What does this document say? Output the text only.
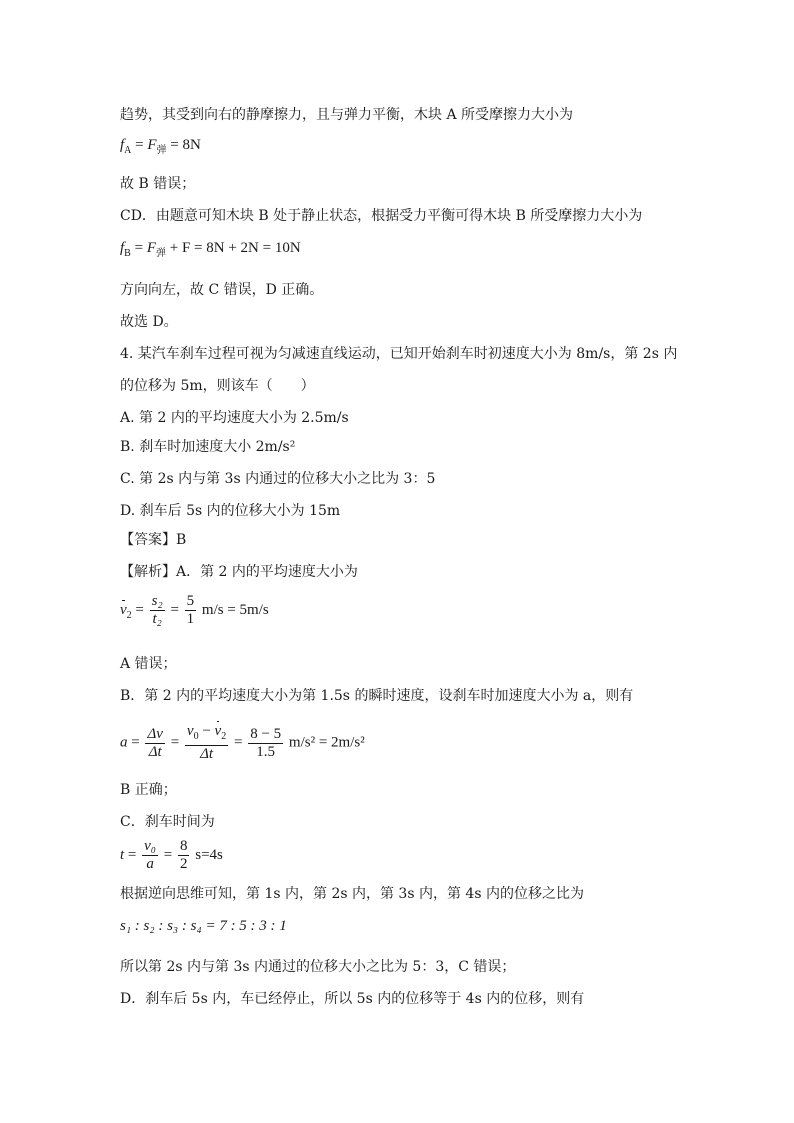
趋势，其受到向右的静摩擦力，且与弹力平衡，木块 A 所受摩擦力大小为
$f_A = F_弹 = 8N$
故 B 错误；
CD．由题意可知木块 B 处于静止状态，根据受力平衡可得木块 B 所受摩擦力大小为
$f_B = F_弹 + F = 8N + 2N = 10N$
方向向左，故 C 错误，D 正确。
故选 D。
4. 某汽车刹车过程可视为匀减速直线运动，已知开始刹车时初速度大小为 8m/s，第 2s 内
的位移为 5m，则该车（　　）
A. 第 2 内的平均速度大小为 2.5m/s
B. 刹车时加速度大小 2m/s²
C. 第 2s 内与第 3s 内通过的位移大小之比为 3：5
D. 刹车后 5s 内的位移大小为 15m
【答案】B
【解析】A．第 2 内的平均速度大小为
$v_2 = \frac{\text{s₂}}{\text{t₂}} = \frac{5}{1} m/s = 5m/s$
A 错误；
B．第 2 内的平均速度大小为第 1.5s 的瞬时速度，设刹车时加速度大小为 a，则有
$a = \frac{\Delta v}{\Delta t} = \frac{v_0 - v_2}{\Delta t} = \frac{8 - 5}{1.5} m/s^2 = 2m/s^2$
B 正确；
C．刹车时间为
$t = \frac{\text{v₀}}{a} = \frac{8}{2} s=4s$
根据逆向思维可知，第 1s 内，第 2s 内，第 3s 内，第 4s 内的位移之比为
s₁ : s₂ : s₃ : s₄ = 7 : 5 : 3 : 1
所以第 2s 内与第 3s 内通过的位移大小之比为 5：3，C 错误；
D．刹车后 5s 内，车已经停止，所以 5s 内的位移等于 4s 内的位移，则有
